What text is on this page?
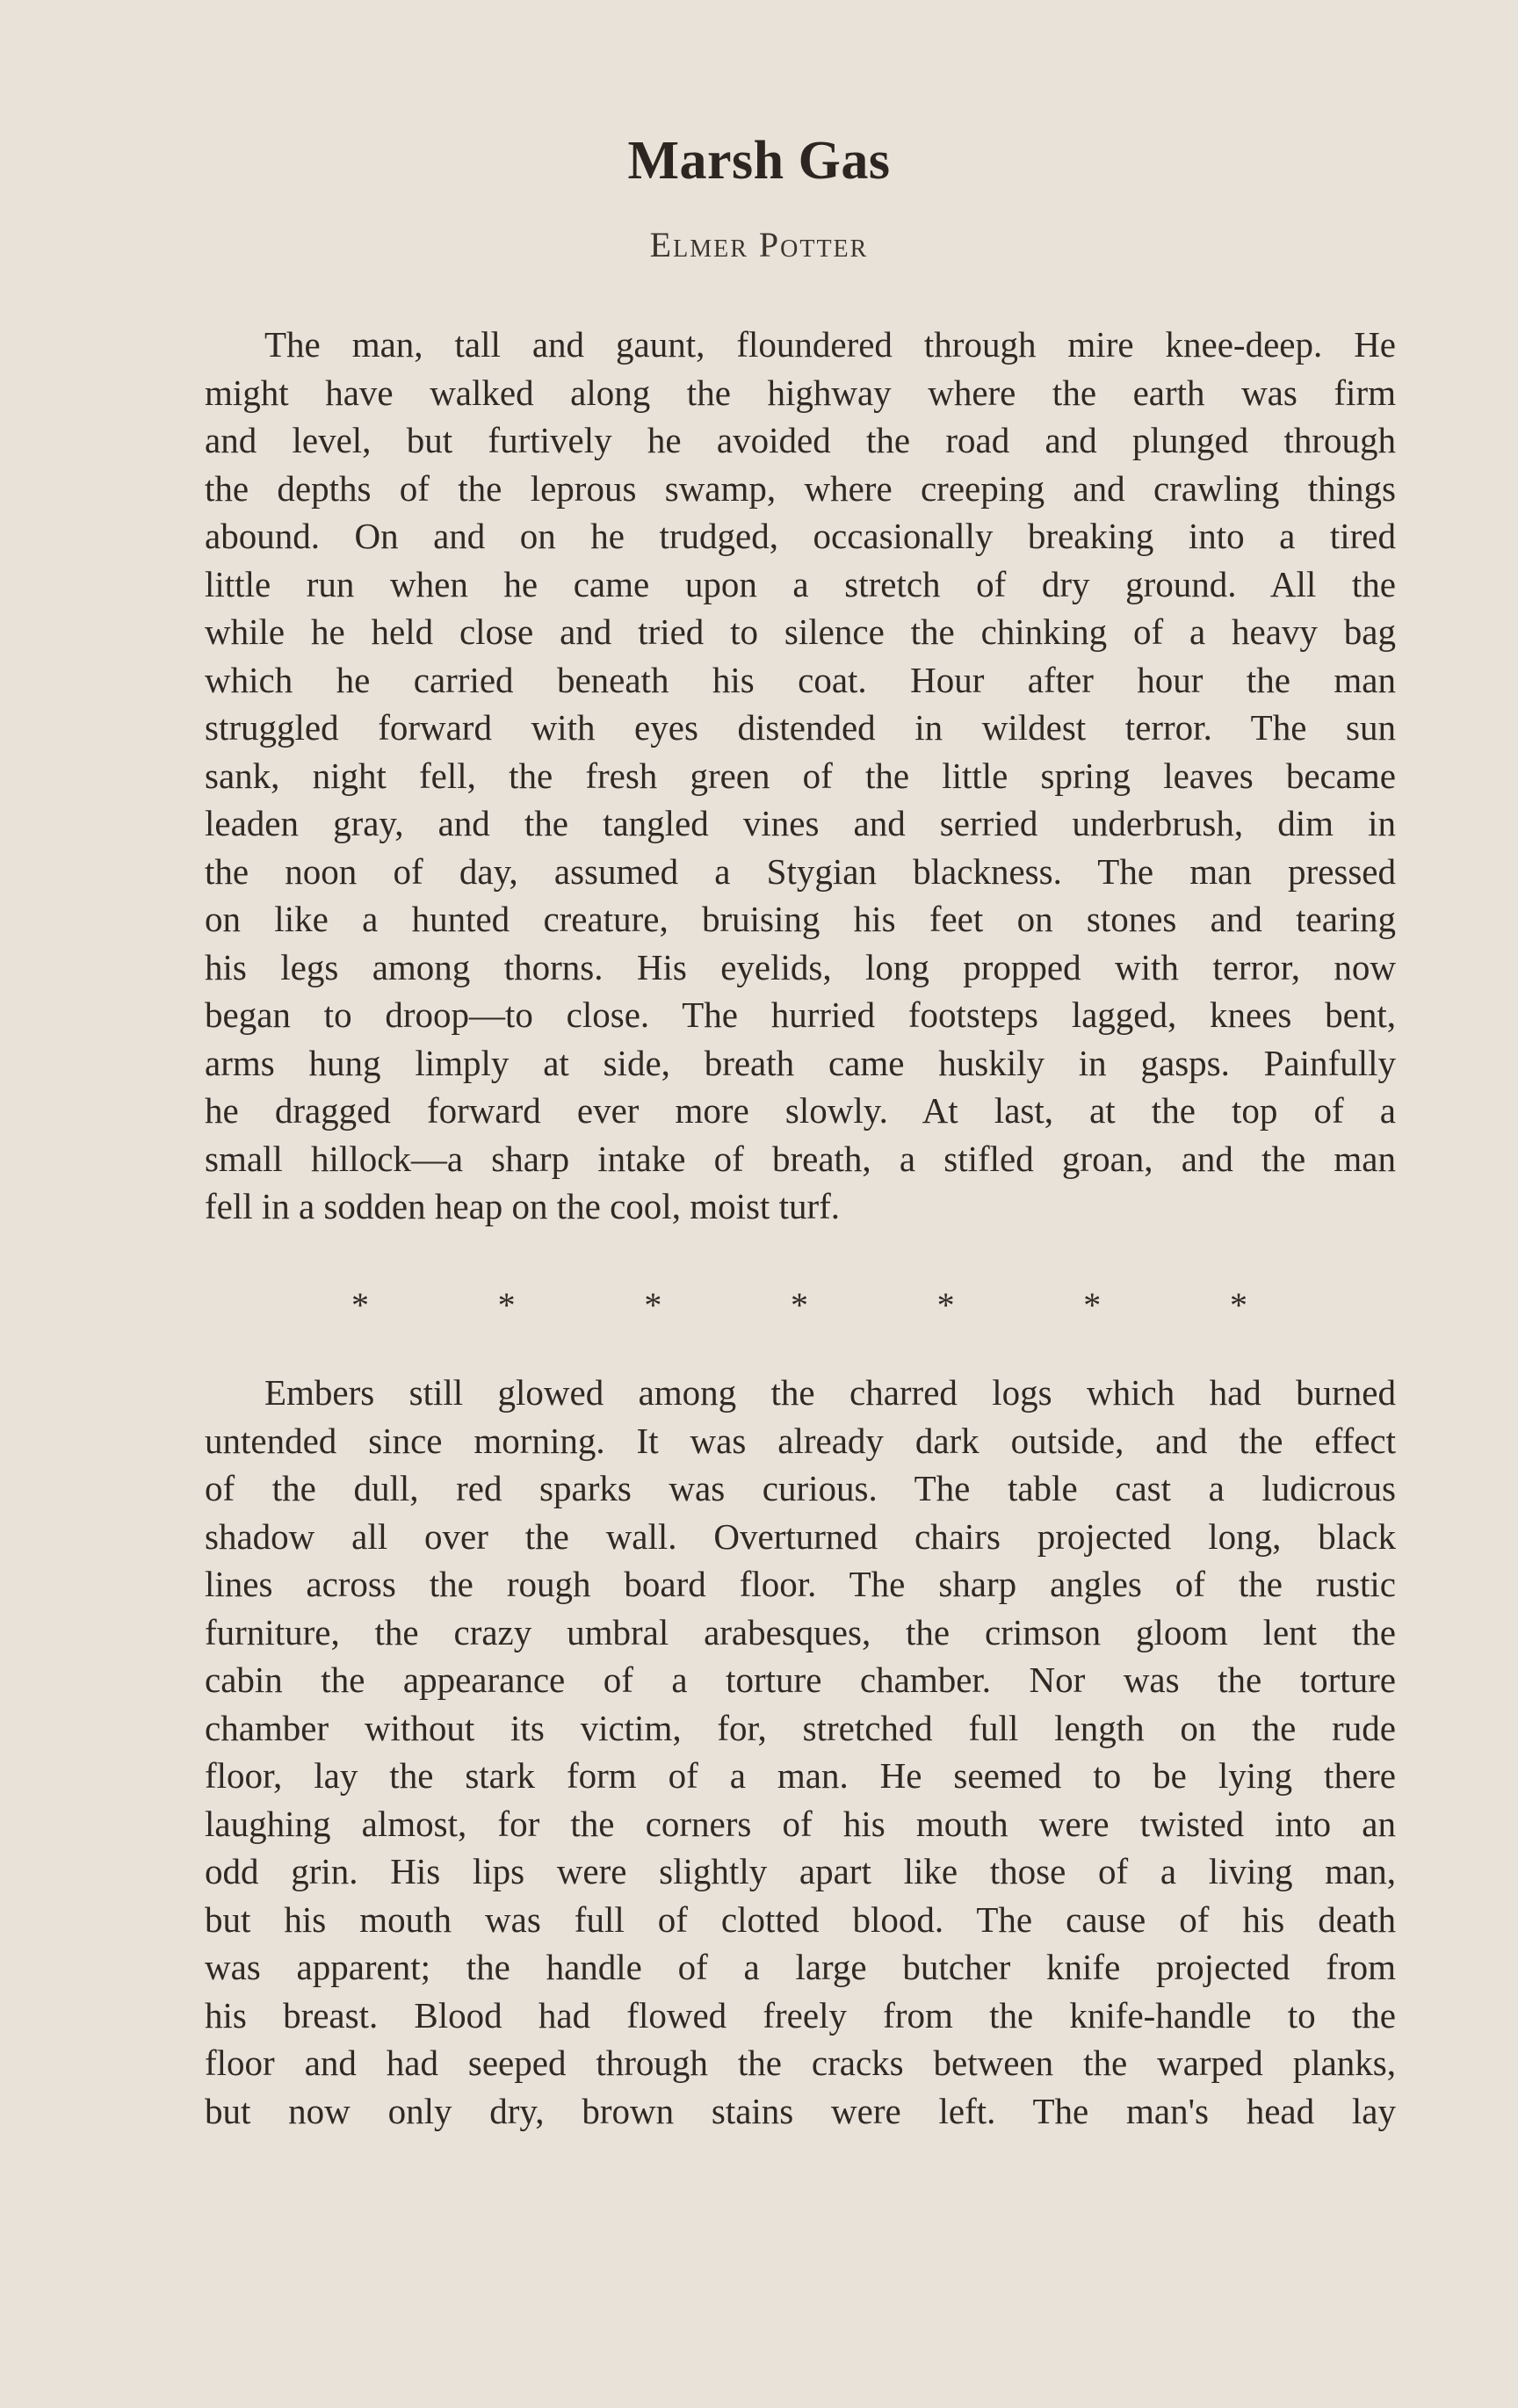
Marsh Gas
Elmer Potter

The man, tall and gaunt, floundered through mire knee-deep. He
might have walked along the highway where the earth was firm
and level, but furtively he avoided the road and plunged through
the depths of the leprous swamp, where creeping and crawling things
abound. On and on he trudged, occasionally breaking into a tired
little run when he came upon a stretch of dry ground. All the
while he held close and tried to silence the chinking of a heavy bag
which he carried beneath his coat. Hour after hour the man
struggled forward with eyes distended in wildest terror. The sun
sank, night fell, the fresh green of the little spring leaves became
leaden gray, and the tangled vines and serried underbrush, dim in
the noon of day, assumed a Stygian blackness. The man pressed
on like a hunted creature, bruising his feet on stones and tearing
his legs among thorns. His eyelids, long propped with terror, now
began to droop—to close. The hurried footsteps lagged, knees bent,
arms hung limply at side, breath came huskily in gasps. Painfully
he dragged forward ever more slowly. At last, at the top of a
small hillock—a sharp intake of breath, a stifled groan, and the man
fell in a sodden heap on the cool, moist turf.

*	*	*	*	*	*	*

Embers still glowed among the charred logs which had burned
untended since morning. It was already dark outside, and the effect
of the dull, red sparks was curious. The table cast a ludicrous
shadow all over the wall. Overturned chairs projected long, black
lines across the rough board floor. The sharp angles of the rustic
furniture, the crazy umbral arabesques, the crimson gloom lent the
cabin the appearance of a torture chamber. Nor was the torture
chamber without its victim, for, stretched full length on the rude
floor, lay the stark form of a man. He seemed to be lying there
laughing almost, for the corners of his mouth were twisted into an
odd grin. His lips were slightly apart like those of a living man,
but his mouth was full of clotted blood. The cause of his death
was apparent; the handle of a large butcher knife projected from
his breast. Blood had flowed freely from the knife-handle to the
floor and had seeped through the cracks between the warped planks,
but now only dry, brown stains were left. The man's head lay
